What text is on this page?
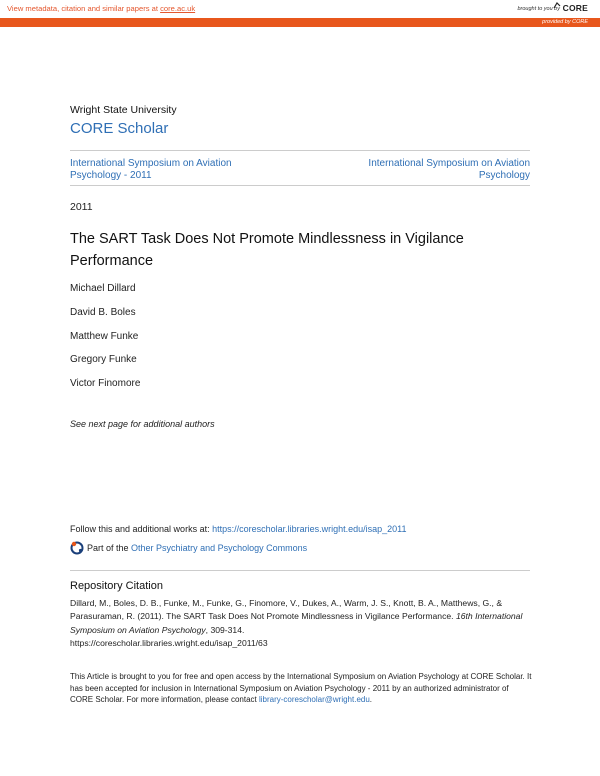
View metadata, citation and similar papers at core.ac.uk	brought to you by CORE
provided by CORE
Wright State University
CORE Scholar
International Symposium on Aviation Psychology - 2011
International Symposium on Aviation Psychology
2011
The SART Task Does Not Promote Mindlessness in Vigilance Performance
Michael Dillard
David B. Boles
Matthew Funke
Gregory Funke
Victor Finomore
See next page for additional authors
Follow this and additional works at: https://corescholar.libraries.wright.edu/isap_2011
Part of the
Other Psychiatry and Psychology Commons
Repository Citation
Dillard, M., Boles, D. B., Funke, M., Funke, G., Finomore, V., Dukes, A., Warm, J. S., Knott, B. A., Matthews, G., & Parasuraman, R. (2011). The SART Task Does Not Promote Mindlessness in Vigilance Performance. 16th International Symposium on Aviation Psychology, 309-314.
https://corescholar.libraries.wright.edu/isap_2011/63
This Article is brought to you for free and open access by the International Symposium on Aviation Psychology at CORE Scholar. It has been accepted for inclusion in International Symposium on Aviation Psychology - 2011 by an authorized administrator of CORE Scholar. For more information, please contact library-corescholar@wright.edu.
